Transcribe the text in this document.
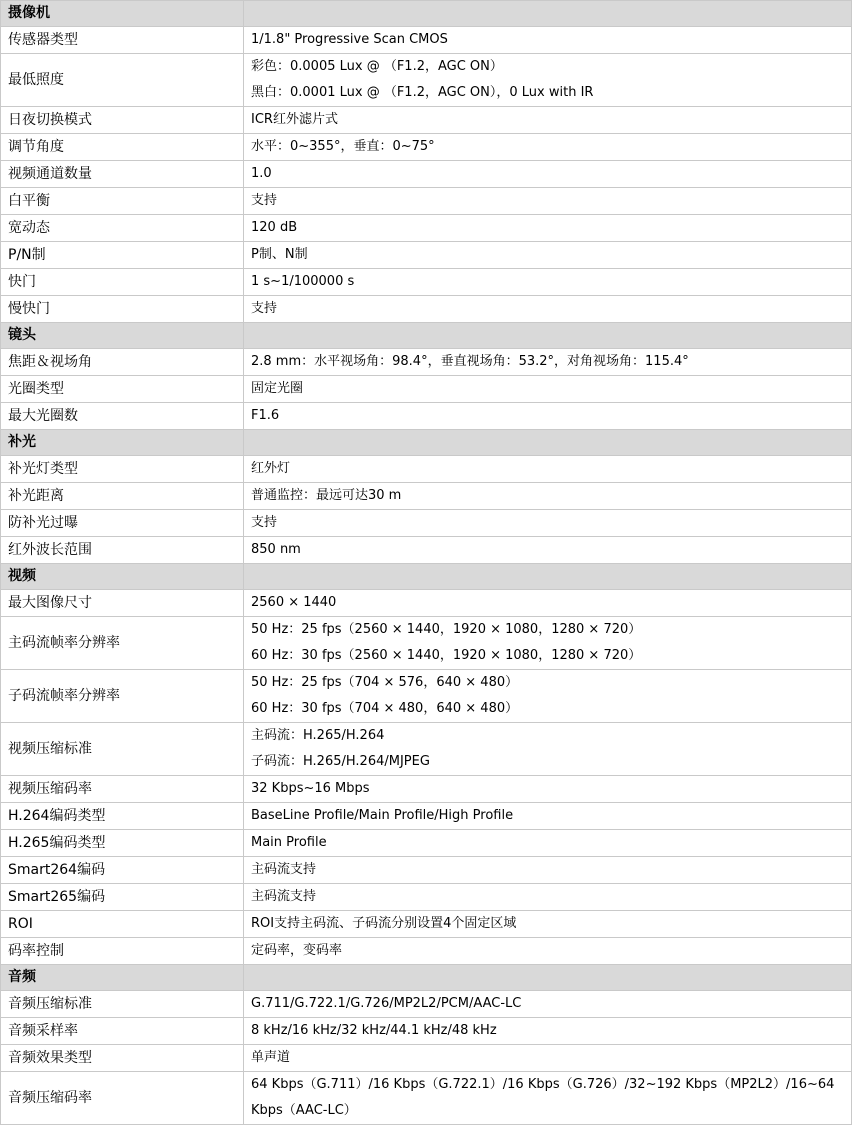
摄像机	
传感器类型	1/1.8" Progressive Scan CMOS

最低照度	彩色：0.0005 Lux @ （F1.2，AGC ON）
黑白：0.0001 Lux @ （F1.2，AGC ON），0 Lux with IR

日夜切换模式	ICR红外滤片式

调节角度	水平：0~355°，垂直：0~75°

视频通道数量	1.0

白平衡	支持

宽动态	120 dB

P/N制	P制、N制

快门	1 s~1/100000 s

慢快门	支持

镜头	
焦距＆视场角	2.8 mm：水平视场角：98.4°，垂直视场角：53.2°，对角视场角：115.4°

光圈类型	固定光圈

最大光圈数	F1.6

补光	
补光灯类型	红外灯

补光距离	普通监控：最远可达30 m

防补光过曝	支持

红外波长范围	850 nm

视频	
最大图像尺寸	2560 × 1440

主码流帧率分辨率	50 Hz：25 fps（2560 × 1440，1920 × 1080，1280 × 720）
60 Hz：30 fps（2560 × 1440，1920 × 1080，1280 × 720）

子码流帧率分辨率	50 Hz：25 fps（704 × 576，640 × 480）
60 Hz：30 fps（704 × 480，640 × 480）

视频压缩标准	主码流：H.265/H.264
子码流：H.265/H.264/MJPEG

视频压缩码率	32 Kbps~16 Mbps

H.264编码类型	BaseLine Profile/Main Profile/High Profile

H.265编码类型	Main Profile

Smart264编码	主码流支持

Smart265编码	主码流支持

ROI	ROI支持主码流、子码流分别设置4个固定区域

码率控制	定码率，变码率

音频	
音频压缩标准	G.711/G.722.1/G.726/MP2L2/PCM/AAC-LC

音频采样率	8 kHz/16 kHz/32 kHz/44.1 kHz/48 kHz

音频效果类型	单声道

音频压缩码率	64 Kbps（G.711）/16 Kbps（G.722.1）/16 Kbps（G.726）/32~192 Kbps（MP2L2）/16~64 Kbps（AAC-LC）
